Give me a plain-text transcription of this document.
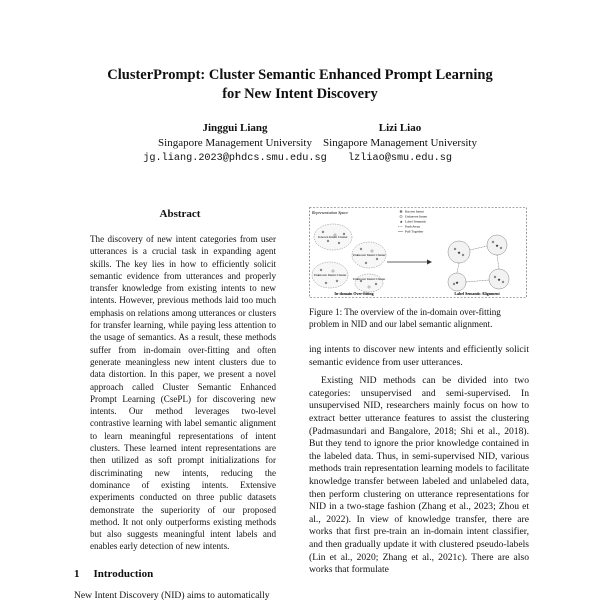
ClusterPrompt: Cluster Semantic Enhanced Prompt Learning
for New Intent Discovery
Jinggui Liang
Singapore Management University
jg.liang.2023@phdcs.smu.edu.sg
Lizi Liao
Singapore Management University
lzliao@smu.edu.sg
Abstract

The discovery of new intent categories from user utterances is a crucial task in expanding agent skills. The key lies in how to efficiently solicit semantic evidence from utterances and properly transfer knowledge from existing intents to new intents. However, previous methods laid too much emphasis on relations among utterances or clusters for transfer learning, while paying less attention to the usage of semantics. As a result, these methods suffer from in-domain over-fitting and often generate meaningless new intent clusters due to data distortion. In this paper, we present a novel approach called Cluster Semantic Enhanced Prompt Learning (CsePL) for discovering new intents. Our method leverages two-level contrastive learning with label semantic alignment to learn meaningful representations of intent clusters. These learned intent representations are then utilized as soft prompt initializations for discriminating new intents, reducing the dominance of existing intents. Extensive experiments conducted on three public datasets demonstrate the superiority of our proposed method. It not only outperforms existing methods but also suggests meaningful intent labels and enables early detection of new intents.

1 Introduction
New Intent Discovery (NID) aims to automatically
Representation Space	Known Intent
Unknown Intent
★ Label Semantic
Push Away
Pull Together
Known Intent Cluster
Unknown Intent Cluster
Unknown Intent Cluster
Unknown Intent Cluster
★
★
★
★
In-domain Over-fitting	Label Semantic Alignment
Figure 1: The overview of the in-domain over-fitting problem in NID and our label semantic alignment.

ing intents to discover new intents and efficiently solicit semantic evidence from user utterances.

Existing NID methods can be divided into two categories: unsupervised and semi-supervised. In unsupervised NID, researchers mainly focus on how to extract better utterance features to assist the clustering (Padmasundari and Bangalore, 2018; Shi et al., 2018). But they tend to ignore the prior knowledge contained in the labeled data. Thus, in semi-supervised NID, various methods train representation learning models to facilitate knowledge transfer between labeled and unlabeled data, then perform clustering on utterance representations for NID in a two-stage fashion (Zhang et al., 2023; Zhou et al., 2022). In view of knowledge transfer, there are works that first pre-train an in-domain intent classifier, and then gradually update it with clustered pseudo-labels (Lin et al., 2020; Zhang et al., 2021c). There are also works that formulate
